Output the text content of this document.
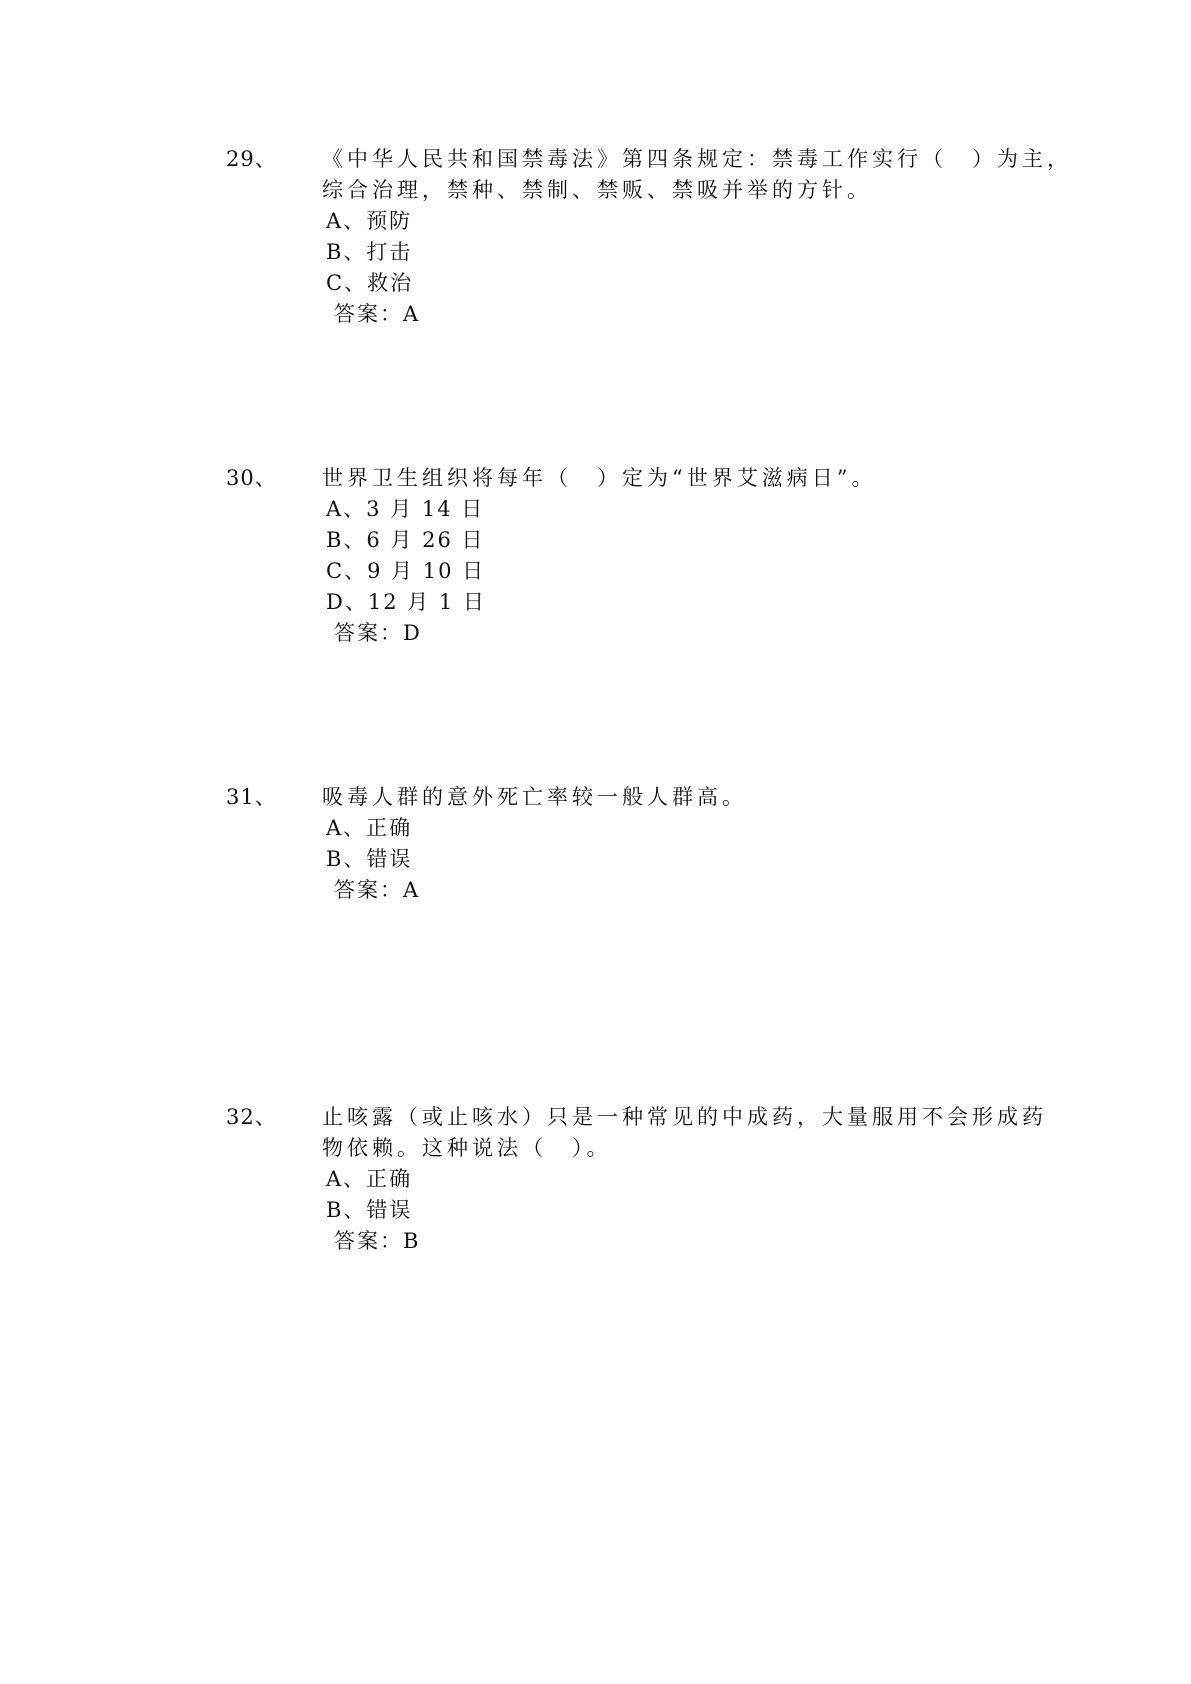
29、 《中华人民共和国禁毒法》第四条规定：禁毒工作实行（　）为主，
综合治理，禁种、禁制、禁贩、禁吸并举的方针。

A、预防
B、打击
C、救治
答案：A
30、 世界卫生组织将每年（　）定为“世界艾滋病日”。

A、3 月 14 日
B、6 月 26 日
C、9 月 10 日
D、12 月 1 日
答案：D
31、 吸毒人群的意外死亡率较一般人群高。

A、正确
B、错误
答案：A
32、 止咳露（或止咳水）只是一种常见的中成药，大量服用不会形成药
物依赖。这种说法（　）。

A、正确
B、错误
答案：B
